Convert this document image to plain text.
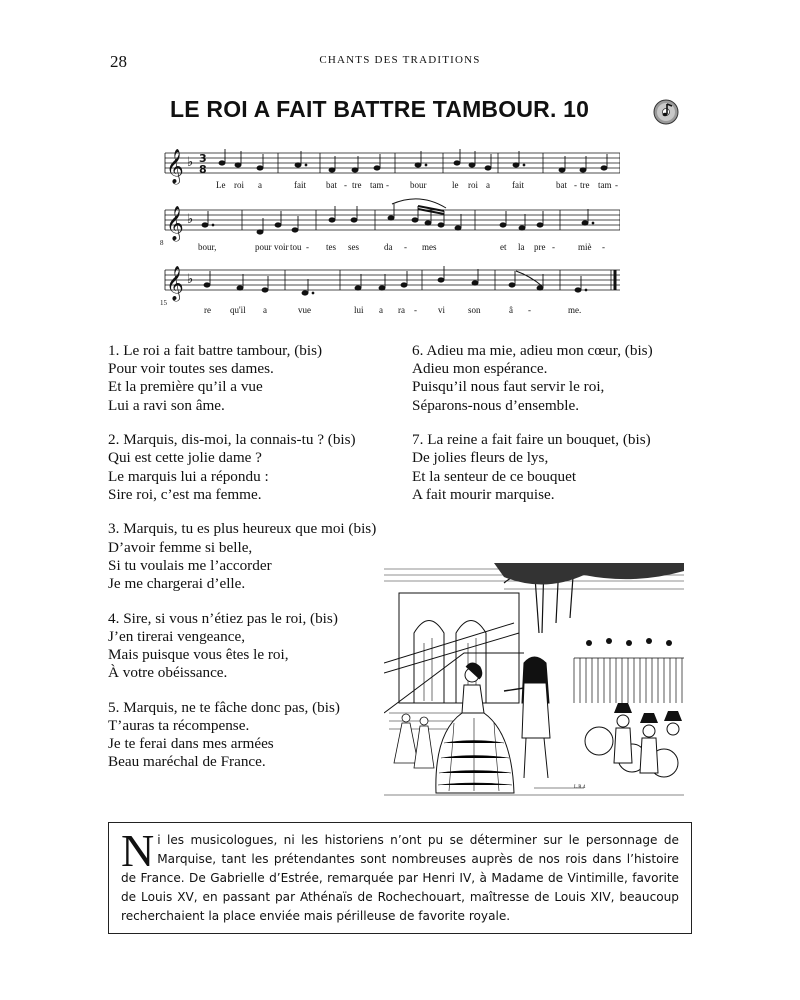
28	CHANTS DES TRADITIONS
LE ROI A FAIT BATTRE TAMBOUR. 10
𝄞
𝄞
𝄞
♭
♭
♭
3
8
8
15
Le roi a	fait bat - tre tam - bour	le roi a fait	bat - tre tam -
bour,	pour voir tou - tes ses	da - mes	et la pre -	miè -
re qu'il a	vue	lui a ra - vi	son	â -	me.
1. Le roi a fait battre tambour, (bis)
Pour voir toutes ses dames.
Et la première qu’il a vue
Lui a ravi son âme.
2. Marquis, dis-moi, la connais-tu ? (bis)
Qui est cette jolie dame ?
Le marquis lui a répondu :
Sire roi, c’est ma femme.
3. Marquis, tu es plus heureux que moi (bis)
D’avoir femme si belle,
Si tu voulais me l’accorder
Je me chargerai d’elle.
4. Sire, si vous n’étiez pas le roi, (bis)
J’en tirerai vengeance,
Mais puisque vous êtes le roi,
À votre obéissance.
5. Marquis, ne te fâche donc pas, (bis)
T’auras ta récompense.
Je te ferai dans mes armées
Beau maréchal de France.
6. Adieu ma mie, adieu mon cœur, (bis)
Adieu mon espérance.
Puisqu’il nous faut servir le roi,
Séparons-nous d’ensemble.
7. La reine a fait faire un bouquet, (bis)
De jolies fleurs de lys,
Et la senteur de ce bouquet
A fait mourir marquise.
L.R.4
Ni les musicologues, ni les historiens n’ont pu se déterminer sur le personnage de Marquise, tant les prétendantes sont nombreuses auprès de nos rois dans l’histoire de France. De Gabrielle d’Estrée, remarquée par Henri IV, à Madame de Vintimille, favorite de Louis XV, en passant par Athénaïs de Rochechouart, maîtresse de Louis XIV, beaucoup recherchaient la place enviée mais périlleuse de favorite royale.
